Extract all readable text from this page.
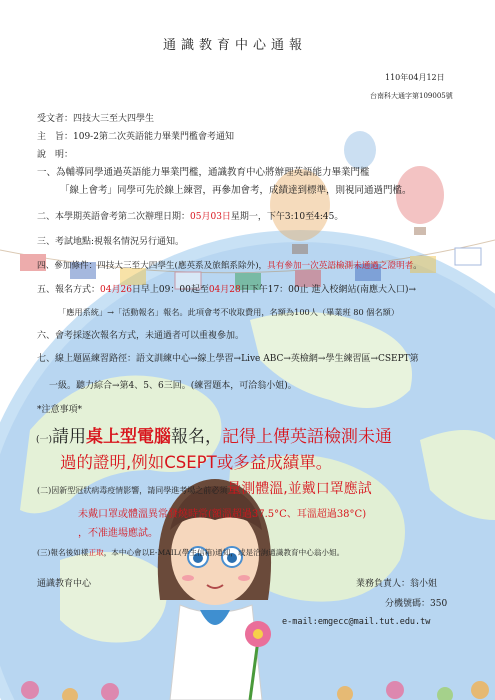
通識教育中心通報
110年04月12日
台南科大通字第109005號
受文者：四技大三至大四學生
主　旨：109-2第二次英語能力畢業門檻會考通知
說　明：
一、為輔導同學通過英語能力畢業門檻，通識教育中心將辦理英語能力畢業門檻
「線上會考」同學可先於線上練習，再參加會考，成績達到標準，則視同通過門檻。
二、本學期英語會考第二次辦理日期：05月03日星期一，下午3:10至4:45。
三、考試地點:視報名情況另行通知。
四、參加條件：四技大三至大四學生(應英系及旅館系除外)，具有參加一次英語檢測未通過之證明者。
五、報名方式：04月26日早上09：00起至04月28日下午17：00止 進入校網站(南應大入口)→
「應用系統」→「活動報名」報名。此項會考不收取費用，名額為100人（畢業班 80 個名額）
六、會考採逐次報名方式，未通過者可以重複參加。
七、線上題區練習路徑：語文訓練中心→線上學習→Live ABC→英檢網→學生練習區→CSEPT第
一級。聽力綜合→第4、5、6三回。(練習題本，可洽翁小姐)。
*注意事項*
(一)請用桌上型電腦報名，記得上傳英語檢測未通
過的證明,例如CSEPT或多益成績單。
(二)因新型冠狀病毒疫情影響，請同學進考場之前必須量測體溫,並戴口罩應試
未戴口罩或體溫異常發燒時常(額溫超過37.5°C、耳溫超過38°C)
，不准進場應試。
(三)報名後如樣正取，本中心會以E-MAIL(學生信箱)通知，或是洽詢通識教育中心翁小姐。
通識教育中心	業務負責人：翁小姐
分機號碼：350
e-mail:emgecc@mail.tut.edu.tw
